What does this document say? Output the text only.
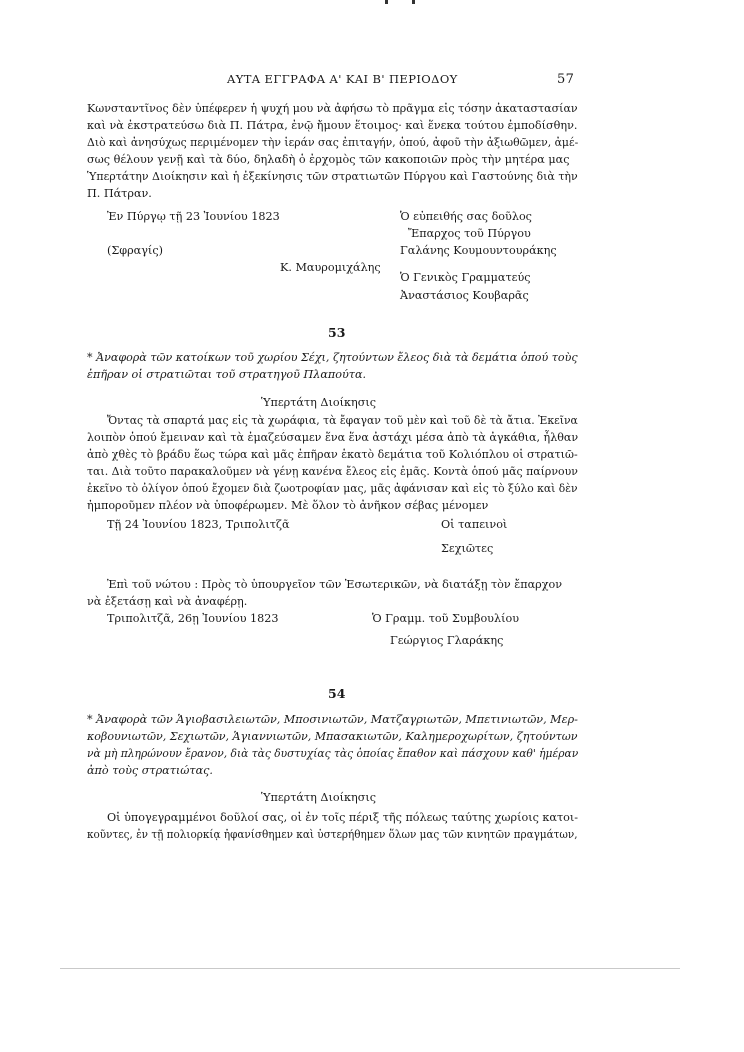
ΑΥΤΑ ΕΓΓΡΑΦΑ Α' ΚΑΙ Β' ΠΕΡΙΟΔΟΥ	57
Κωνσταντῖνος δὲν ὑπέφερεν ἡ ψυχή μου νὰ ἀφήσω τὸ πρᾶγμα εἰς τόσην ἀκαταστασίαν
καὶ νὰ ἐκστρατεύσω διὰ Π. Πάτρα, ἐνῷ ἤμουν ἕτοιμος· καὶ ἕνεκα τούτου ἐμποδίσθην.
Διὸ καὶ ἀνησύχως περιμένομεν τὴν ἱεράν σας ἐπιταγήν, ὁπού, ἀφοῦ τὴν ἀξιωθῶμεν, ἀμέ-
σως θέλουν γενῇ καὶ τὰ δύο, δηλαδὴ ὁ ἐρχομὸς τῶν κακοποιῶν πρὸς τὴν μητέρα μας
Ὑπερτάτην Διοίκησιν καὶ ἡ ἐξεκίνησις τῶν στρατιωτῶν Πύργου καὶ Γαστούνης διὰ τὴν
Π. Πάτραν.
Ἐν Πύργῳ τῇ 23 Ἰουνίου 1823
(Σφραγίς)
Κ. Μαυρομιχάλης
Ὁ εὐπειθής σας δοῦλος
Ἔπαρχος τοῦ Πύργου
Γαλάνης Κουμουντουράκης
Ὁ Γενικὸς Γραμματεύς
Ἀναστάσιος Κουβαρᾶς
53
* Ἀναφορὰ τῶν κατοίκων τοῦ χωρίου Σέχι, ζητούντων ἔλεος διὰ τὰ δεμάτια ὁπού τοὺς
ἐπῆραν οἱ στρατιῶται τοῦ στρατηγοῦ Πλαπούτα.
Ὑπερτάτη Διοίκησις
Ὄντας τὰ σπαρτά μας εἰς τὰ χωράφια, τὰ ἔφαγαν τοῦ μὲν καὶ τοῦ δὲ τὰ ἄτια. Ἐκεῖνα
λοιπὸν ὁπού ἔμειναν καὶ τὰ ἐμαζεύσαμεν ἕνα ἕνα ἀστάχι μέσα ἀπὸ τὰ ἀγκάθια, ἦλθαν
ἀπὸ χθὲς τὸ βράδυ ἕως τώρα καὶ μᾶς ἐπῆραν ἑκατὸ δεμάτια τοῦ Κολιόπλου οἱ στρατιῶ-
ται. Διὰ τοῦτο παρακαλοῦμεν νὰ γένῃ κανένα ἔλεος εἰς ἐμᾶς. Κοντὰ ὁπού μᾶς παίρνουν
ἐκεῖνο τὸ ὀλίγον ὁπού ἔχομεν διὰ ζωοτροφίαν μας, μᾶς ἀφάνισαν καὶ εἰς τὸ ξύλο καὶ δὲν
ἠμποροῦμεν πλέον νὰ ὑποφέρωμεν. Μὲ ὅλον τὸ ἀνῆκον σέβας μένομεν
Τῇ 24 Ἰουνίου 1823, Τριπολιτζᾶ	Οἱ ταπεινοὶ
Σεχιῶτες
Ἐπὶ τοῦ νώτου : Πρὸς τὸ ὑπουργεῖον τῶν Ἐσωτερικῶν, νὰ διατάξῃ τὸν ἔπαρχον
νὰ ἐξετάσῃ καὶ νὰ ἀναφέρῃ.
Τριπολιτζᾶ, 26ῃ Ἰουνίου 1823	Ὁ Γραμμ. τοῦ Συμβουλίου
Γεώργιος Γλαράκης
54
* Ἀναφορὰ τῶν Ἁγιοβασιλειωτῶν, Μποσινιωτῶν, Ματζαγριωτῶν, Μπετινιωτῶν, Μερ-
κοβουνιωτῶν, Σεχιωτῶν, Ἁγιαννιωτῶν, Μπασακιωτῶν, Καλημεροχωρίτων, ζητούντων
νὰ μὴ πληρώνουν ἔρανον, διὰ τὰς δυστυχίας τὰς ὁποίας ἔπαθον καὶ πάσχουν καθ' ἡμέραν
ἀπὸ τοὺς στρατιώτας.
Ὑπερτάτη Διοίκησις
Οἱ ὑπογεγραμμένοι δοῦλοί σας, οἱ ἐν τοῖς πέριξ τῆς πόλεως ταύτης χωρίοις κατοι-
κοῦντες, ἐν τῇ πολιορκίᾳ ἠφανίσθημεν καὶ ὑστερήθημεν ὅλων μας τῶν κινητῶν πραγμάτων,
